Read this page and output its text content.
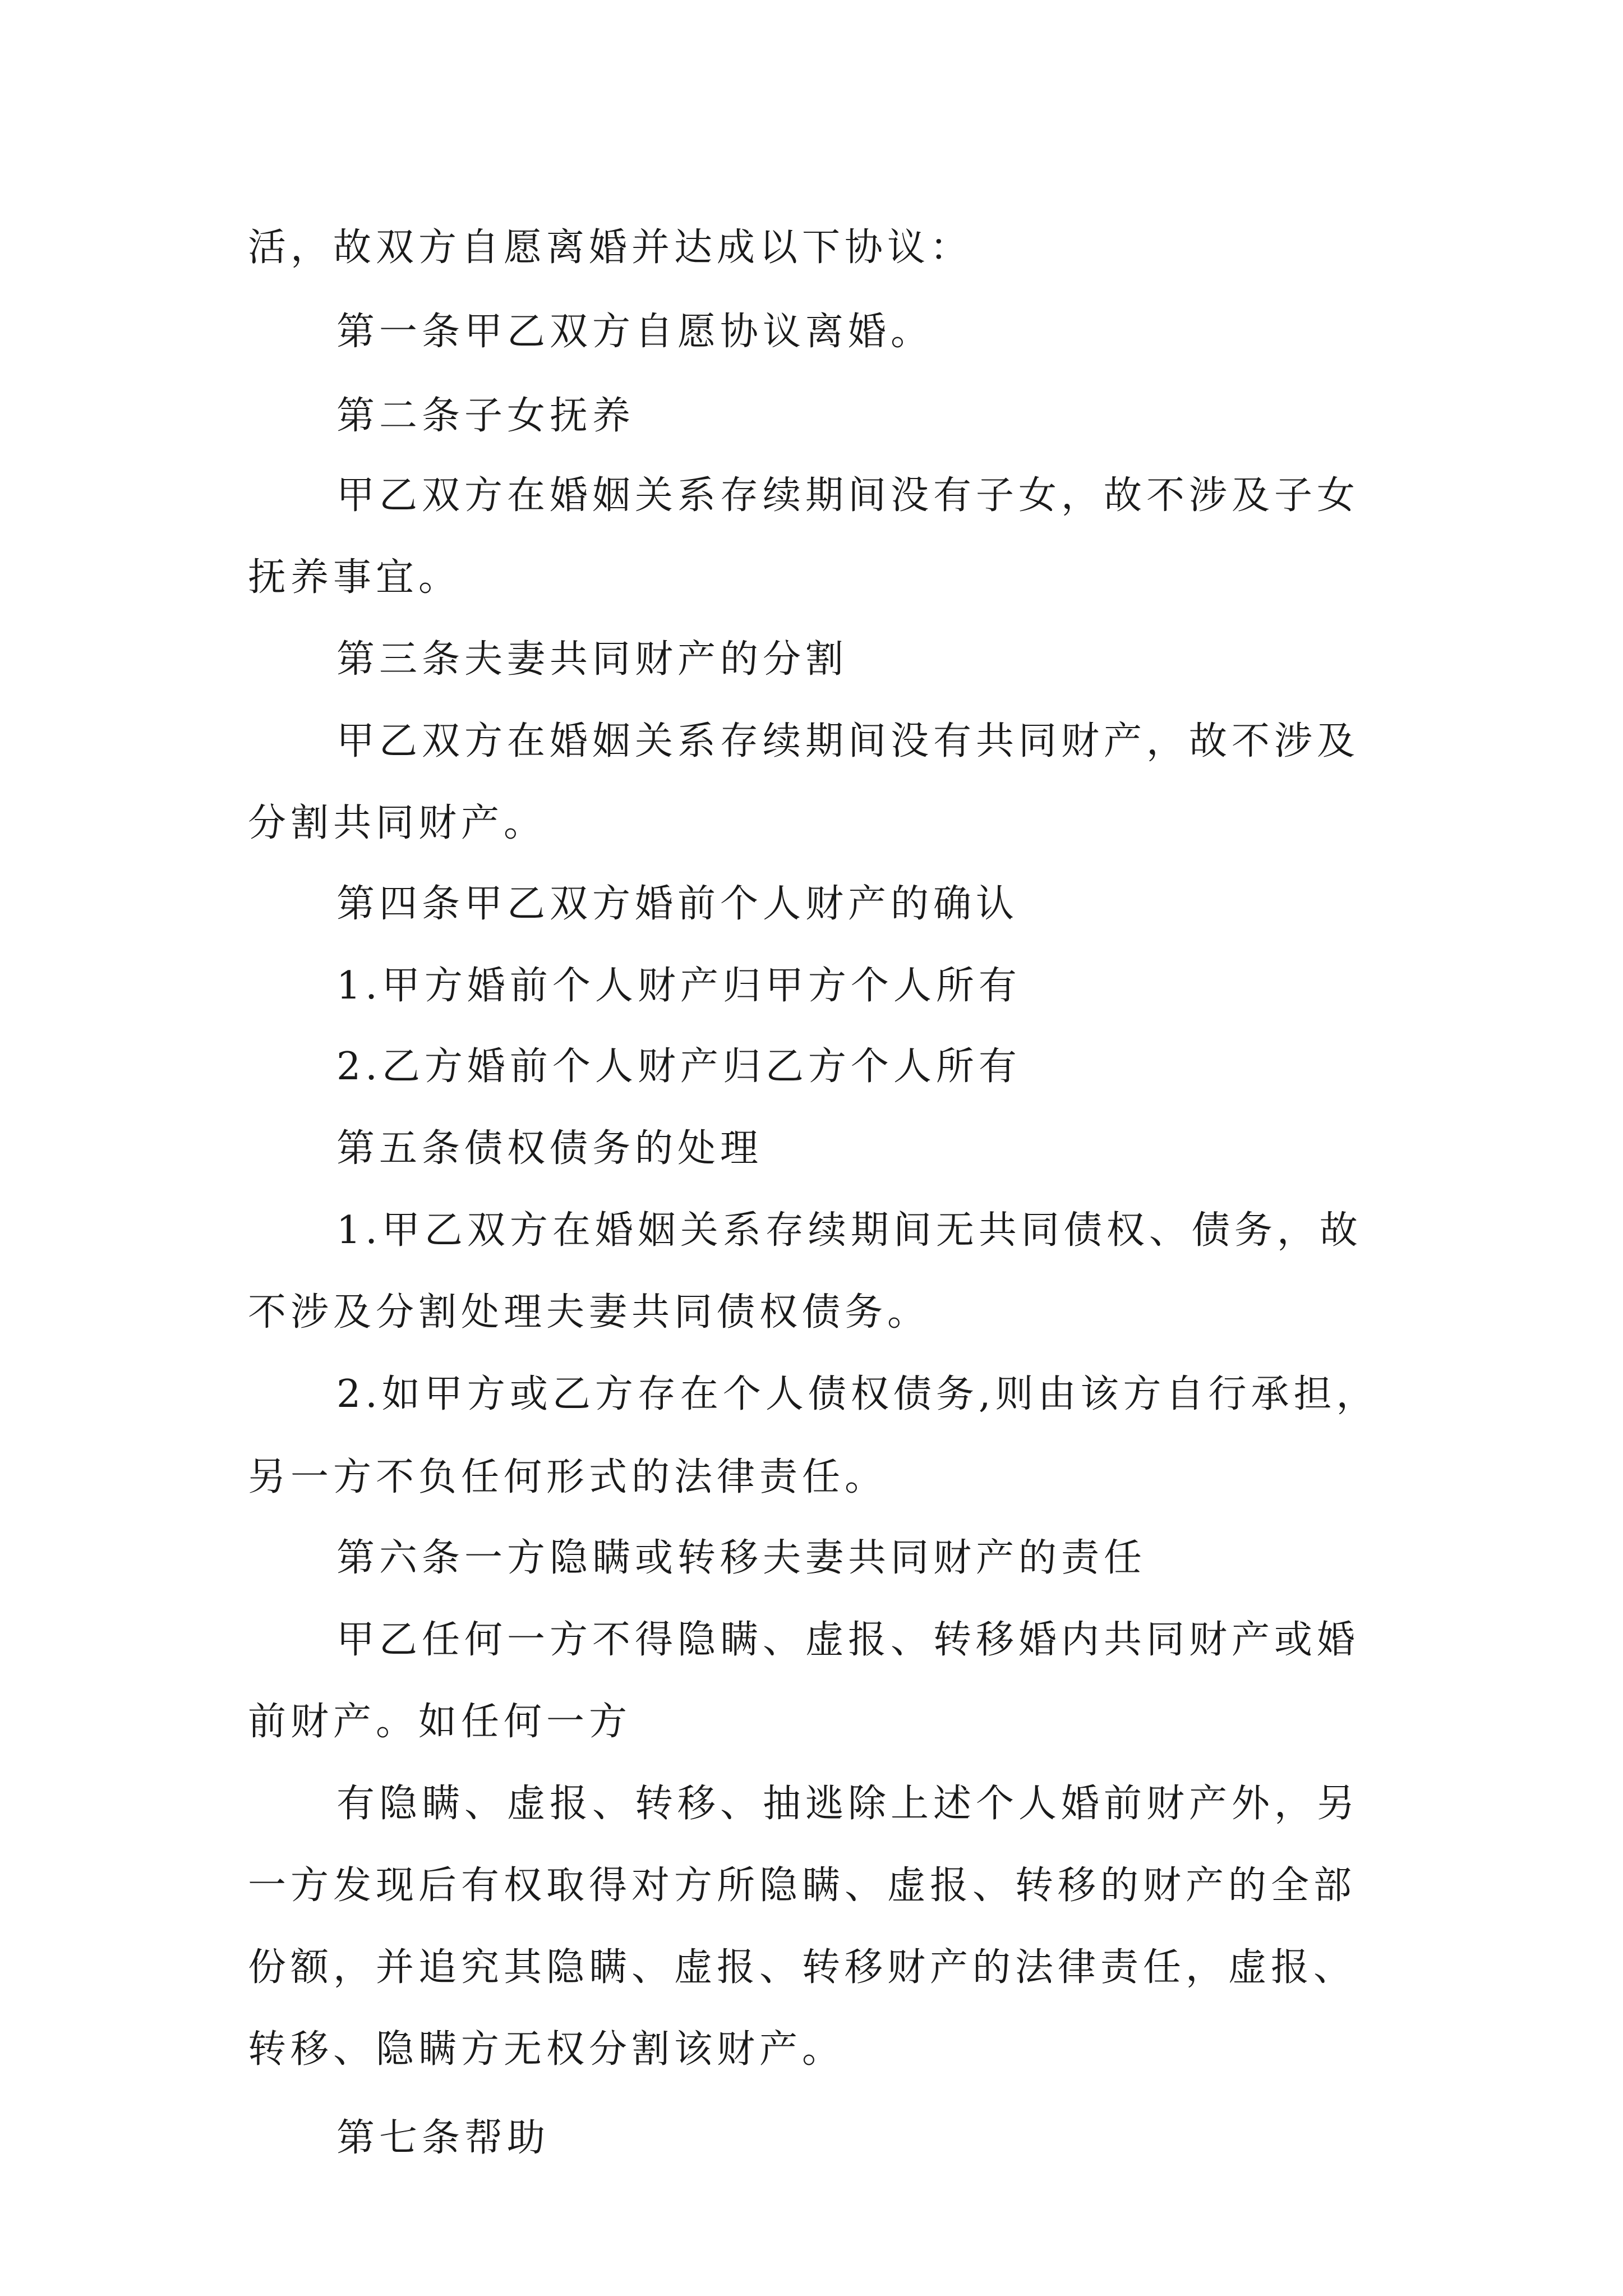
活，故双方自愿离婚并达成以下协议：

第一条甲乙双方自愿协议离婚。

第二条子女抚养

甲乙双方在婚姻关系存续期间没有子女，故不涉及子女

抚养事宜。

第三条夫妻共同财产的分割

甲乙双方在婚姻关系存续期间没有共同财产，故不涉及

分割共同财产。

第四条甲乙双方婚前个人财产的确认

1.甲方婚前个人财产归甲方个人所有

2.乙方婚前个人财产归乙方个人所有

第五条债权债务的处理

1.甲乙双方在婚姻关系存续期间无共同债权、债务，故

不涉及分割处理夫妻共同债权债务。

2.如甲方或乙方存在个人债权债务,则由该方自行承担，

另一方不负任何形式的法律责任。

第六条一方隐瞒或转移夫妻共同财产的责任

甲乙任何一方不得隐瞒、虚报、转移婚内共同财产或婚

前财产。如任何一方

有隐瞒、虚报、转移、抽逃除上述个人婚前财产外，另

一方发现后有权取得对方所隐瞒、虚报、转移的财产的全部

份额，并追究其隐瞒、虚报、转移财产的法律责任，虚报、

转移、隐瞒方无权分割该财产。

第七条帮助
